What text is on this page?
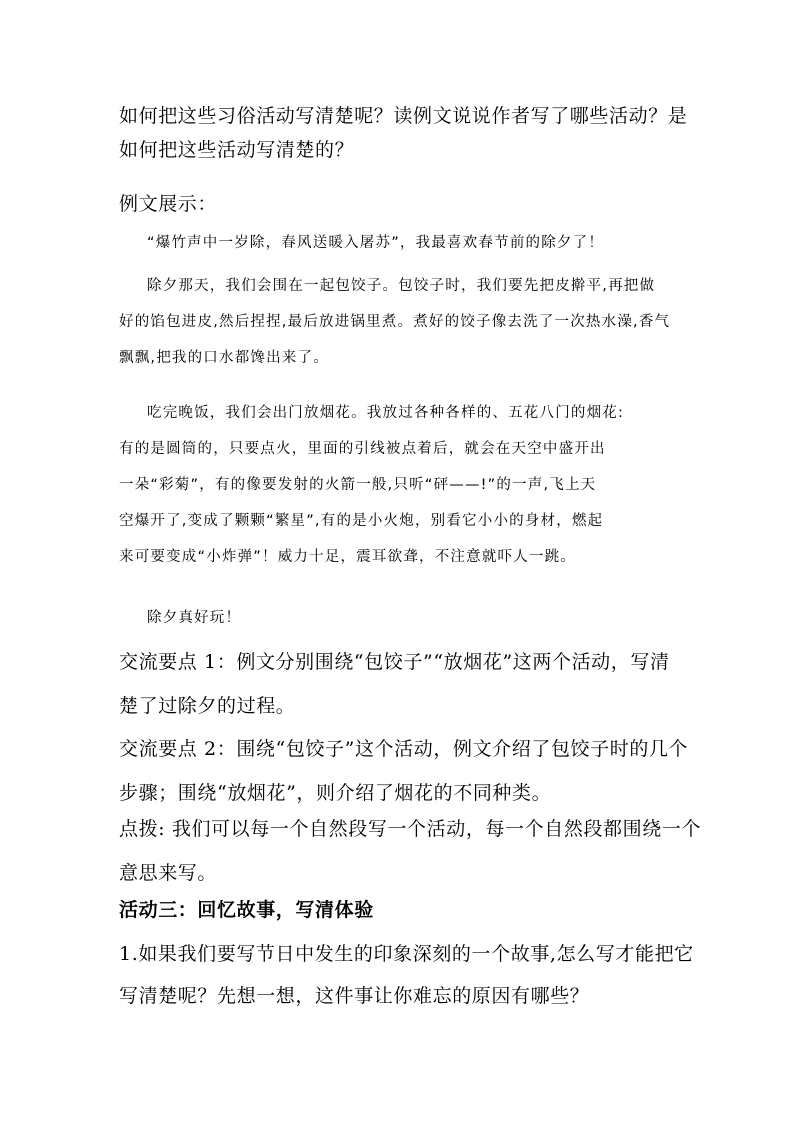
如何把这些习俗活动写清楚呢？读例文说说作者写了哪些活动？是
如何把这些活动写清楚的？
例文展示：
“爆竹声中一岁除，春风送暖入屠苏”，我最喜欢春节前的除夕了！
除夕那天，我们会围在一起包饺子。包饺子时，我们要先把皮擀平,再把做
好的馅包进皮,然后捏捏,最后放进锅里煮。煮好的饺子像去洗了一次热水澡,香气
飘飘,把我的口水都馋出来了。
吃完晚饭，我们会出门放烟花。我放过各种各样的、五花八门的烟花:
有的是圆筒的，只要点火，里面的引线被点着后，就会在天空中盛开出
一朵“彩菊”，有的像要发射的火箭一般,只听“砰——!”的一声,飞上天
空爆开了,变成了颗颗“繁星”,有的是小火炮，别看它小小的身材，燃起
来可要变成“小炸弹”！威力十足，震耳欲聋，不注意就吓人一跳。
除夕真好玩！
交流要点 1：例文分别围绕“包饺子”“放烟花”这两个活动，写清
楚了过除夕的过程。
交流要点 2：围绕“包饺子”这个活动，例文介绍了包饺子时的几个
步骤；围绕“放烟花”，则介绍了烟花的不同种类。
点拨: 我们可以每一个自然段写一个活动，每一个自然段都围绕一个
意思来写。
活动三：回忆故事，写清体验
1.如果我们要写节日中发生的印象深刻的一个故事,怎么写才能把它
写清楚呢？先想一想，这件事让你难忘的原因有哪些？
